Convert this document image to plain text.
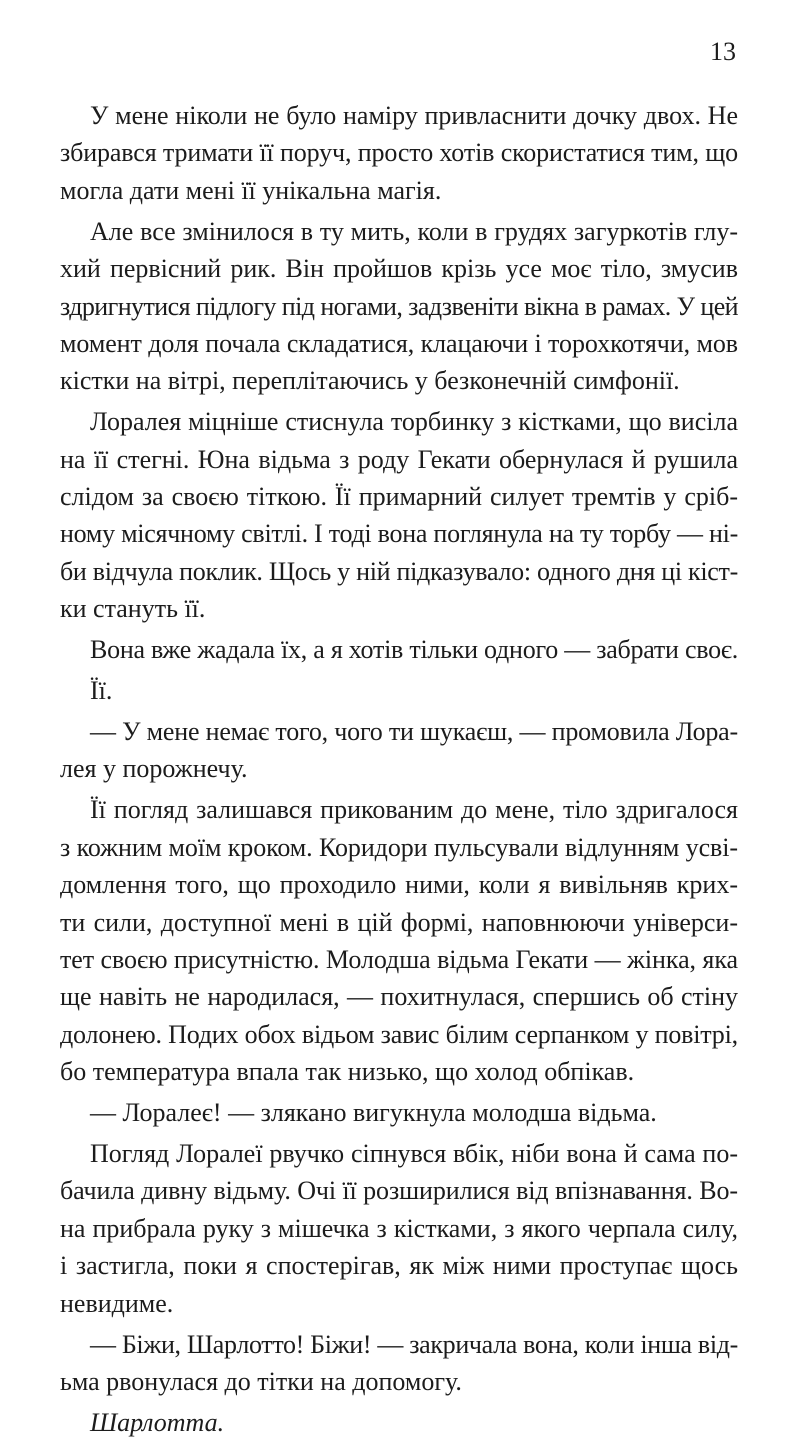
13
У мене ніколи не було наміру привласнити дочку двох. Не
збирався тримати її поруч, просто хотів скористатися тим, що
могла дати мені її унікальна магія.
Але все змінилося в ту мить, коли в грудях загуркотів глу-
хий первісний рик. Він пройшов крізь усе моє тіло, змусив
здригнутися підлогу під ногами, задзвеніти вікна в рамах. У цей
момент доля почала складатися, клацаючи і торохкотячи, мов
кістки на вітрі, переплітаючись у безконечній симфонії.
Лоралея міцніше стиснула торбинку з кістками, що висіла
на її стегні. Юна відьма з роду Гекати обернулася й рушила
слідом за своєю тіткою. Її примарний силует тремтів у сріб-
ному місячному світлі. І тоді вона поглянула на ту торбу — ні-
би відчула поклик. Щось у ній підказувало: одного дня ці кіст-
ки стануть її.
Вона вже жадала їх, а я хотів тільки одного — забрати своє.
Її.
— У мене немає того, чого ти шукаєш, — промовила Лора-
лея у порожнечу.
Її погляд залишався прикованим до мене, тіло здригалося
з кожним моїм кроком. Коридори пульсували відлунням усві-
домлення того, що проходило ними, коли я вивільняв крих-
ти сили, доступної мені в цій формі, наповнюючи універси-
тет своєю присутністю. Молодша відьма Гекати — жінка, яка
ще навіть не народилася, — похитнулася, спершись об стіну
долонею. Подих обох відьом завис білим серпанком у повітрі,
бо температура впала так низько, що холод обпікав.
— Лоралеє! — злякано вигукнула молодша відьма.
Погляд Лоралеї рвучко сіпнувся вбік, ніби вона й сама по-
бачила дивну відьму. Очі її розширилися від впізнавання. Во-
на прибрала руку з мішечка з кістками, з якого черпала силу,
і застигла, поки я спостерігав, як між ними проступає щось
невидиме.
— Біжи, Шарлотто! Біжи! — закричала вона, коли інша від-
ьма рвонулася до тітки на допомогу.
Шарлотта.
